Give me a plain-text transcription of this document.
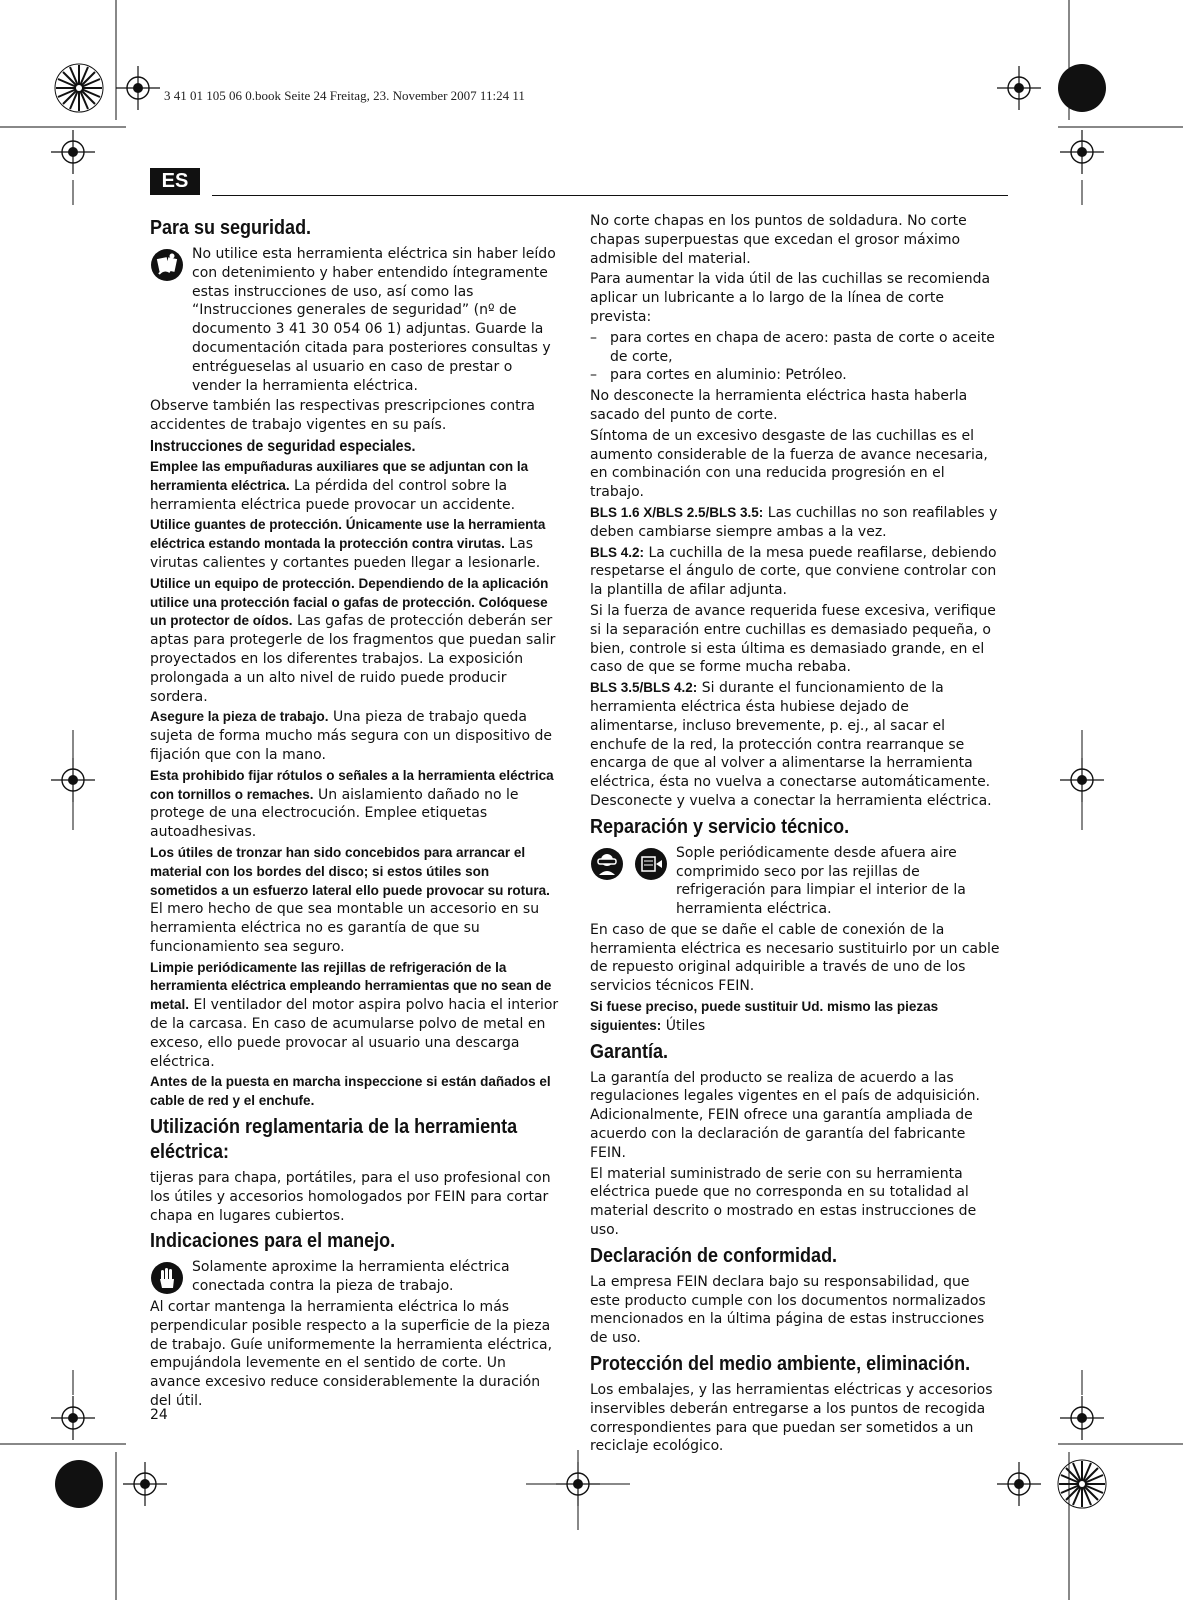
3 41 01 105 06 0.book Seite 24 Freitag, 23. November 2007 11:24 11
ES
Para su seguridad.

No utilice esta herramienta eléctrica sin haber leído con detenimiento y haber entendido íntegramente estas instrucciones de uso, así como las “Instrucciones generales de seguridad” (nº de documento 3 41 30 054 06 1) adjuntas. Guarde la documentación citada para posteriores consultas y entrégueselas al usuario en caso de prestar o vender la herramienta eléctrica.

Observe también las respectivas prescripciones contra accidentes de trabajo vigentes en su país.

Instrucciones de seguridad especiales.

Emplee las empuñaduras auxiliares que se adjuntan con la herramienta eléctrica. La pérdida del control sobre la herramienta eléctrica puede provocar un accidente.

Utilice guantes de protección. Únicamente use la herramienta eléctrica estando montada la protección contra virutas. Las virutas calientes y cortantes pueden llegar a lesionarle.

Utilice un equipo de protección. Dependiendo de la aplicación utilice una protección facial o gafas de protección. Colóquese un protector de oídos. Las gafas de protección deberán ser aptas para protegerle de los fragmentos que puedan salir proyectados en los diferentes trabajos. La exposición prolongada a un alto nivel de ruido puede producir sordera.

Asegure la pieza de trabajo. Una pieza de trabajo queda sujeta de forma mucho más segura con un dispositivo de fijación que con la mano.

Esta prohibido fijar rótulos o señales a la herramienta eléctrica con tornillos o remaches. Un aislamiento dañado no le protege de una electrocución. Emplee etiquetas autoadhesivas.

Los útiles de tronzar han sido concebidos para arrancar el material con los bordes del disco; si estos útiles son sometidos a un esfuerzo lateral ello puede provocar su rotura. El mero hecho de que sea montable un accesorio en su herramienta eléctrica no es garantía de que su funcionamiento sea seguro.

Limpie periódicamente las rejillas de refrigeración de la herramienta eléctrica empleando herramientas que no sean de metal. El ventilador del motor aspira polvo hacia el interior de la carcasa. En caso de acumularse polvo de metal en exceso, ello puede provocar al usuario una descarga eléctrica.

Antes de la puesta en marcha inspeccione si están dañados el cable de red y el enchufe.

Utilización reglamentaria de la herramienta eléctrica:

tijeras para chapa, portátiles, para el uso profesional con los útiles y accesorios homologados por FEIN para cortar chapa en lugares cubiertos.

Indicaciones para el manejo.

Solamente aproxime la herramienta eléctrica conectada contra la pieza de trabajo.

Al cortar mantenga la herramienta eléctrica lo más perpendicular posible respecto a la superficie de la pieza de trabajo. Guíe uniformemente la herramienta eléctrica, empujándola levemente en el sentido de corte. Un avance excesivo reduce considerablemente la duración del útil.

No corte chapas en los puntos de soldadura. No corte chapas superpuestas que excedan el grosor máximo admisible del material.

Para aumentar la vida útil de las cuchillas se recomienda aplicar un lubricante a lo largo de la línea de corte prevista:

– para cortes en chapa de acero: pasta de corte o aceite de corte,
– para cortes en aluminio: Petróleo.

No desconecte la herramienta eléctrica hasta haberla sacado del punto de corte.

Síntoma de un excesivo desgaste de las cuchillas es el aumento considerable de la fuerza de avance necesaria, en combinación con una reducida progresión en el trabajo.

BLS 1.6 X/BLS 2.5/BLS 3.5: Las cuchillas no son reafilables y deben cambiarse siempre ambas a la vez.

BLS 4.2: La cuchilla de la mesa puede reafilarse, debiendo respetarse el ángulo de corte, que conviene controlar con la plantilla de afilar adjunta.

Si la fuerza de avance requerida fuese excesiva, verifique si la separación entre cuchillas es demasiado pequeña, o bien, controle si esta última es demasiado grande, en el caso de que se forme mucha rebaba.

BLS 3.5/BLS 4.2: Si durante el funcionamiento de la herramienta eléctrica ésta hubiese dejado de alimentarse, incluso brevemente, p. ej., al sacar el enchufe de la red, la protección contra rearranque se encarga de que al volver a alimentarse la herramienta eléctrica, ésta no vuelva a conectarse automáticamente. Desconecte y vuelva a conectar la herramienta eléctrica.

Reparación y servicio técnico.

Sople periódicamente desde afuera aire comprimido seco por las rejillas de refrigeración para limpiar el interior de la herramienta eléctrica.

En caso de que se dañe el cable de conexión de la herramienta eléctrica es necesario sustituirlo por un cable de repuesto original adquirible a través de uno de los servicios técnicos FEIN.

Si fuese preciso, puede sustituir Ud. mismo las piezas siguientes: Útiles

Garantía.

La garantía del producto se realiza de acuerdo a las regulaciones legales vigentes en el país de adquisición. Adicionalmente, FEIN ofrece una garantía ampliada de acuerdo con la declaración de garantía del fabricante FEIN.

El material suministrado de serie con su herramienta eléctrica puede que no corresponda en su totalidad al material descrito o mostrado en estas instrucciones de uso.

Declaración de conformidad.

La empresa FEIN declara bajo su responsabilidad, que este producto cumple con los documentos normalizados mencionados en la última página de estas instrucciones de uso.

Protección del medio ambiente, eliminación.

Los embalajes, y las herramientas eléctricas y accesorios inservibles deberán entregarse a los puntos de recogida correspondientes para que puedan ser sometidos a un reciclaje ecológico.

24
